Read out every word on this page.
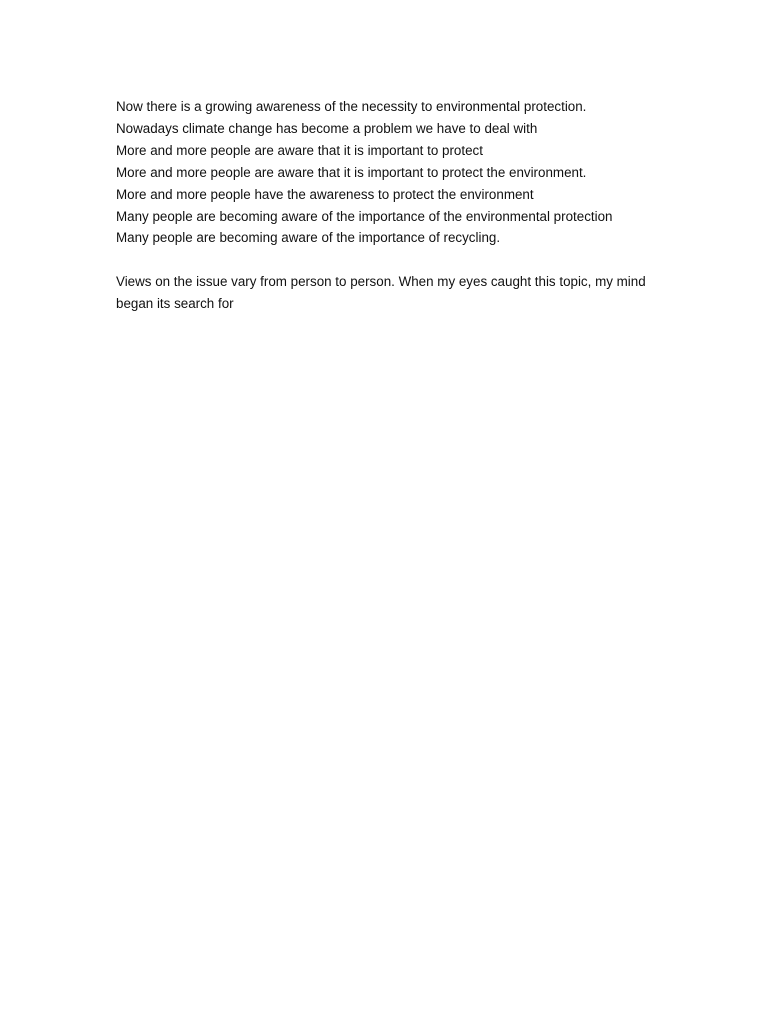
Now there is a growing awareness of the necessity to environmental protection.
Nowadays climate change has become a problem we have to deal with
More and more people are aware that it is important to protect
More and more people are aware that it is important to protect the environment.
More and more people have the awareness to protect the environment
Many people are becoming aware of the importance of the environmental protection
Many people are becoming aware of the importance of recycling.
Views on the issue vary from person to person. When my eyes caught this topic, my mind began its search for
